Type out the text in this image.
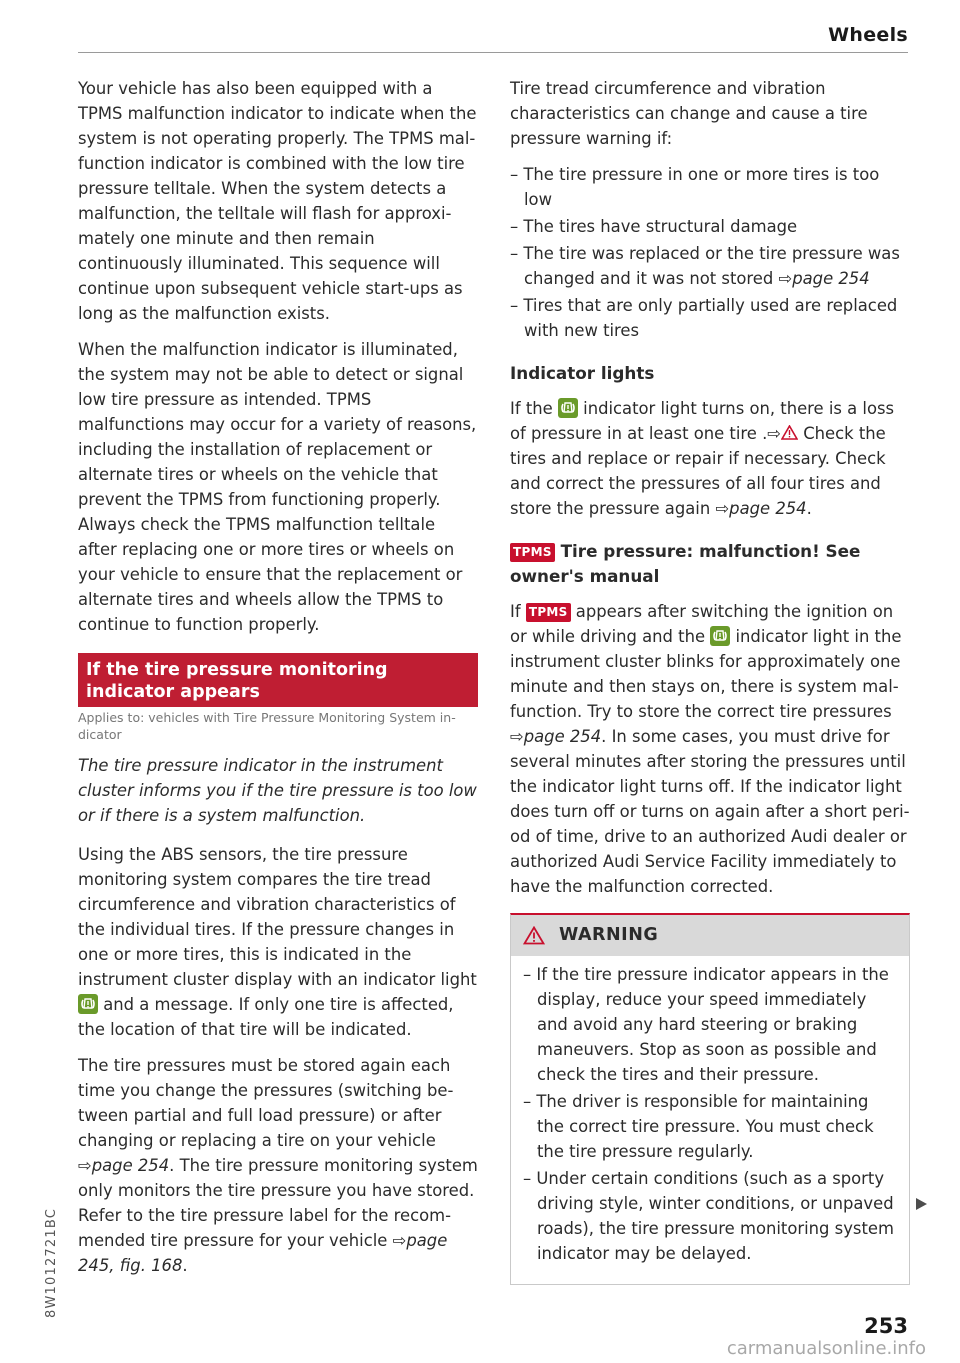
Wheels

Your vehicle has also been equipped with a TPMS malfunction indicator to indicate when the system is not operating properly. The TPMS malfunction indicator is combined with the low tire pressure telltale. When the system detects a malfunction, the telltale will flash for approximately one minute and then remain continuously illuminated. This sequence will continue upon subsequent vehicle start-ups as long as the malfunction exists.

When the malfunction indicator is illuminated, the system may not be able to detect or signal low tire pressure as intended. TPMS malfunctions may occur for a variety of reasons, including the installation of replacement or alternate tires or wheels on the vehicle that prevent the TPMS from functioning properly. Always check the TPMS malfunction telltale after replacing one or more tires or wheels on your vehicle to ensure that the replacement or alternate tires and wheels allow the TPMS to continue to function properly.

If the tire pressure monitoring indicator appears
Applies to: vehicles with Tire Pressure Monitoring System indicator

The tire pressure indicator in the instrument cluster informs you if the tire pressure is too low or if there is a system malfunction.

Using the ABS sensors, the tire pressure monitoring system compares the tire tread circumference and vibration characteristics of the individual tires. If the pressure changes in one or more tires, this is indicated in the instrument cluster display with an indicator light
and a message. If only one tire is affected, the location of that tire will be indicated.

The tire pressures must be stored again each time you change the pressures (switching between partial and full load pressure) or after changing or replacing a tire on your vehicle ⇨page 254. The tire pressure monitoring system only monitors the tire pressure you have stored. Refer to the tire pressure label for the recommended tire pressure for your vehicle ⇨page 245, fig. 168.

Tire tread circumference and vibration characteristics can change and cause a tire pressure warning if:

– The tire pressure in one or more tires is too low
– The tires have structural damage
– The tire was replaced or the tire pressure was changed and it was not stored ⇨page 254
– Tires that are only partially used are replaced with new tires
Indicator lights

If the
indicator light turns on, there is a loss of pressure in at least one tire .⇨ Check the tires and replace or repair if necessary. Check and correct the pressures of all four tires and store the pressure again ⇨page 254.

TPMS Tire pressure: malfunction! See owner's manual

If TPMS appears after switching the ignition on or while driving and the
indicator light in the instrument cluster blinks for approximately one minute and then stays on, there is system malfunction. Try to store the correct tire pressures ⇨page 254. In some cases, you must drive for several minutes after storing the pressures until the indicator light turns off. If the indicator light does turn off or turns on again after a short period of time, drive to an authorized Audi dealer or authorized Audi Service Facility immediately to have the malfunction corrected.

WARNING
– If the tire pressure indicator appears in the display, reduce your speed immediately and avoid any hard steering or braking maneuvers. Stop as soon as possible and check the tires and their pressure.
– The driver is responsible for maintaining the correct tire pressure. You must check the tire pressure regularly.
– Under certain conditions (such as a sporty driving style, winter conditions, or unpaved roads), the tire pressure monitoring system indicator may be delayed.
8W1012721BC
253
carmanualsonline.info
